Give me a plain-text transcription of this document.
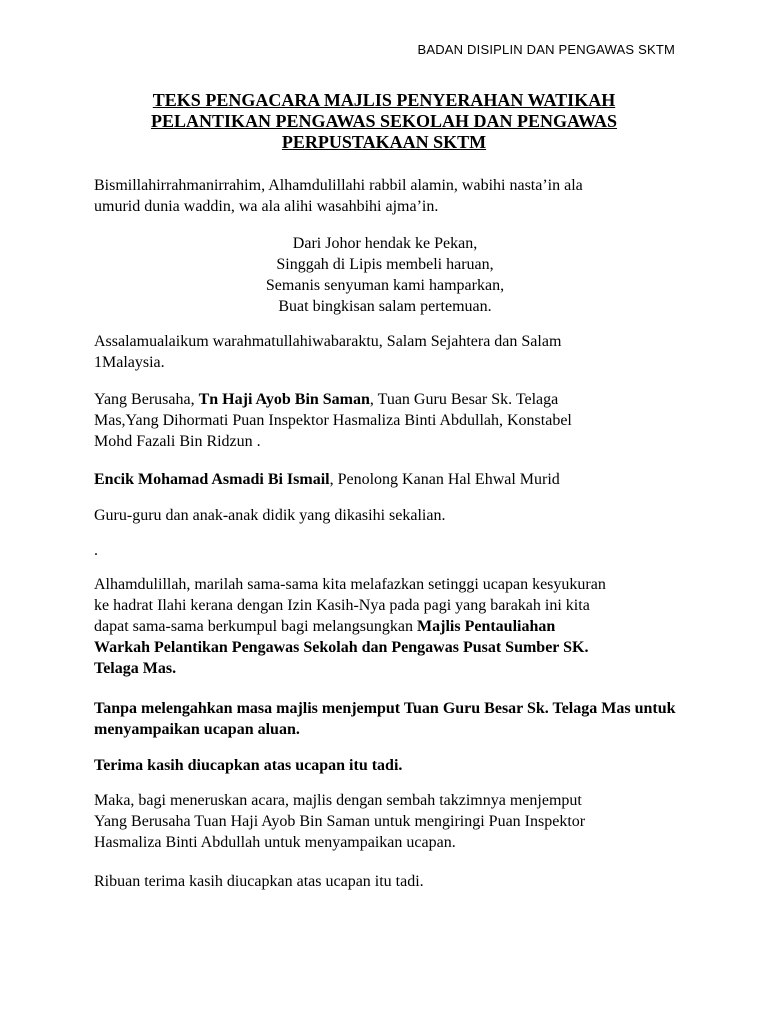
BADAN DISIPLIN DAN PENGAWAS SKTM
TEKS PENGACARA MAJLIS PENYERAHAN WATIKAH
PELANTIKAN PENGAWAS SEKOLAH DAN PENGAWAS
PERPUSTAKAAN SKTM

Bismillahirrahmanirrahim, Alhamdulillahi rabbil alamin, wabihi nasta’in ala
umurid dunia waddin, wa ala alihi wasahbihi ajma’in.

Dari Johor hendak ke Pekan,
Singgah di Lipis membeli haruan,
Semanis senyuman kami hamparkan,
Buat bingkisan salam pertemuan.

Assalamualaikum warahmatullahiwabaraktu, Salam Sejahtera dan Salam
1Malaysia.

Yang Berusaha, Tn Haji Ayob Bin Saman, Tuan Guru Besar Sk. Telaga
Mas,Yang Dihormati Puan Inspektor Hasmaliza Binti Abdullah, Konstabel
Mohd Fazali Bin Ridzun .

Encik Mohamad Asmadi Bi Ismail, Penolong Kanan Hal Ehwal Murid

Guru-guru dan anak-anak didik yang dikasihi sekalian.

.

Alhamdulillah, marilah sama-sama kita melafazkan setinggi ucapan kesyukuran
ke hadrat Ilahi kerana dengan Izin Kasih-Nya pada pagi yang barakah ini kita
dapat sama-sama berkumpul bagi melangsungkan Majlis Pentauliahan
Warkah Pelantikan Pengawas Sekolah dan Pengawas Pusat Sumber SK.
Telaga Mas.

Tanpa melengahkan masa majlis menjemput Tuan Guru Besar Sk. Telaga Mas untuk menyampaikan ucapan aluan.

Terima kasih diucapkan atas ucapan itu tadi.

Maka, bagi meneruskan acara, majlis dengan sembah takzimnya menjemput
Yang Berusaha Tuan Haji Ayob Bin Saman untuk mengiringi Puan Inspektor
Hasmaliza Binti Abdullah untuk menyampaikan ucapan.

Ribuan terima kasih diucapkan atas ucapan itu tadi.
